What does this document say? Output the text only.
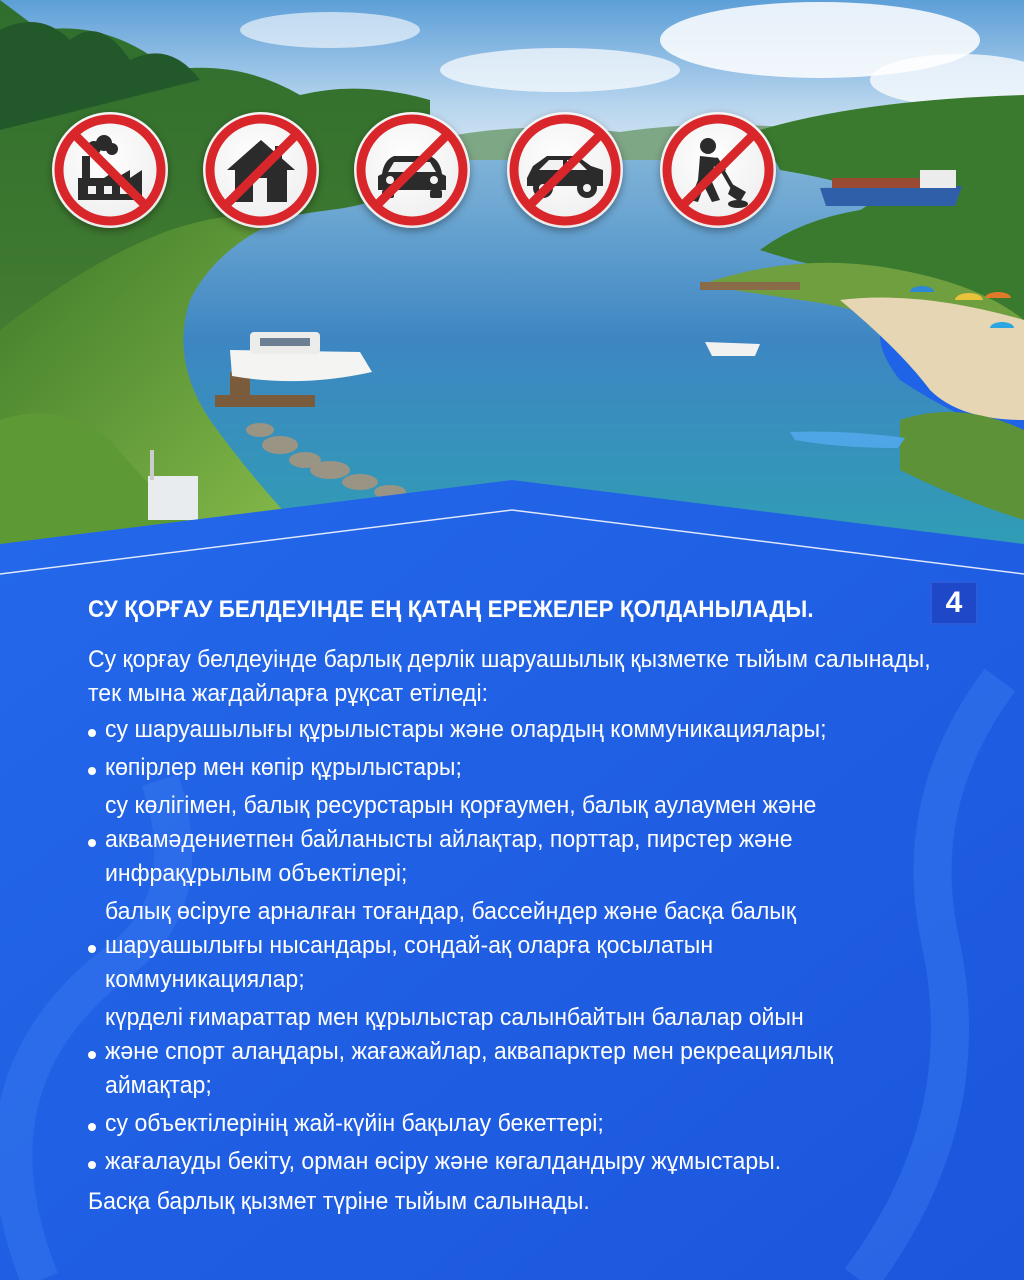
СУ ҚОРҒАУ БЕЛДЕУІНДЕ ЕҢ ҚАТАҢ ЕРЕЖЕЛЕР ҚОЛДАНЫЛАДЫ.	4

Су қорғау белдеуінде барлық дерлік шаруашылық қызметке тыйым салынады, тек мына жағдайларға рұқсат етіледі:

су шаруашылығы құрылыстары және олардың коммуникациялары;
көпірлер мен көпір құрылыстары;
су көлігімен, балық ресурстарын қорғаумен, балық аулаумен және аквамәдениетпен байланысты айлақтар, порттар, пирстер және инфрақұрылым объектілері;
балық өсіруге арналған тоғандар, бассейндер және басқа балық шаруашылығы нысандары, сондай-ақ оларға қосылатын коммуникациялар;
күрделі ғимараттар мен құрылыстар салынбайтын балалар ойын және спорт алаңдары, жағажайлар, аквапарктер мен рекреациялық аймақтар;
су объектілерінің жай-күйін бақылау бекеттері;
жағалауды бекіту, орман өсіру және көгалдандыру жұмыстары.

Басқа барлық қызмет түріне тыйым салынады.
